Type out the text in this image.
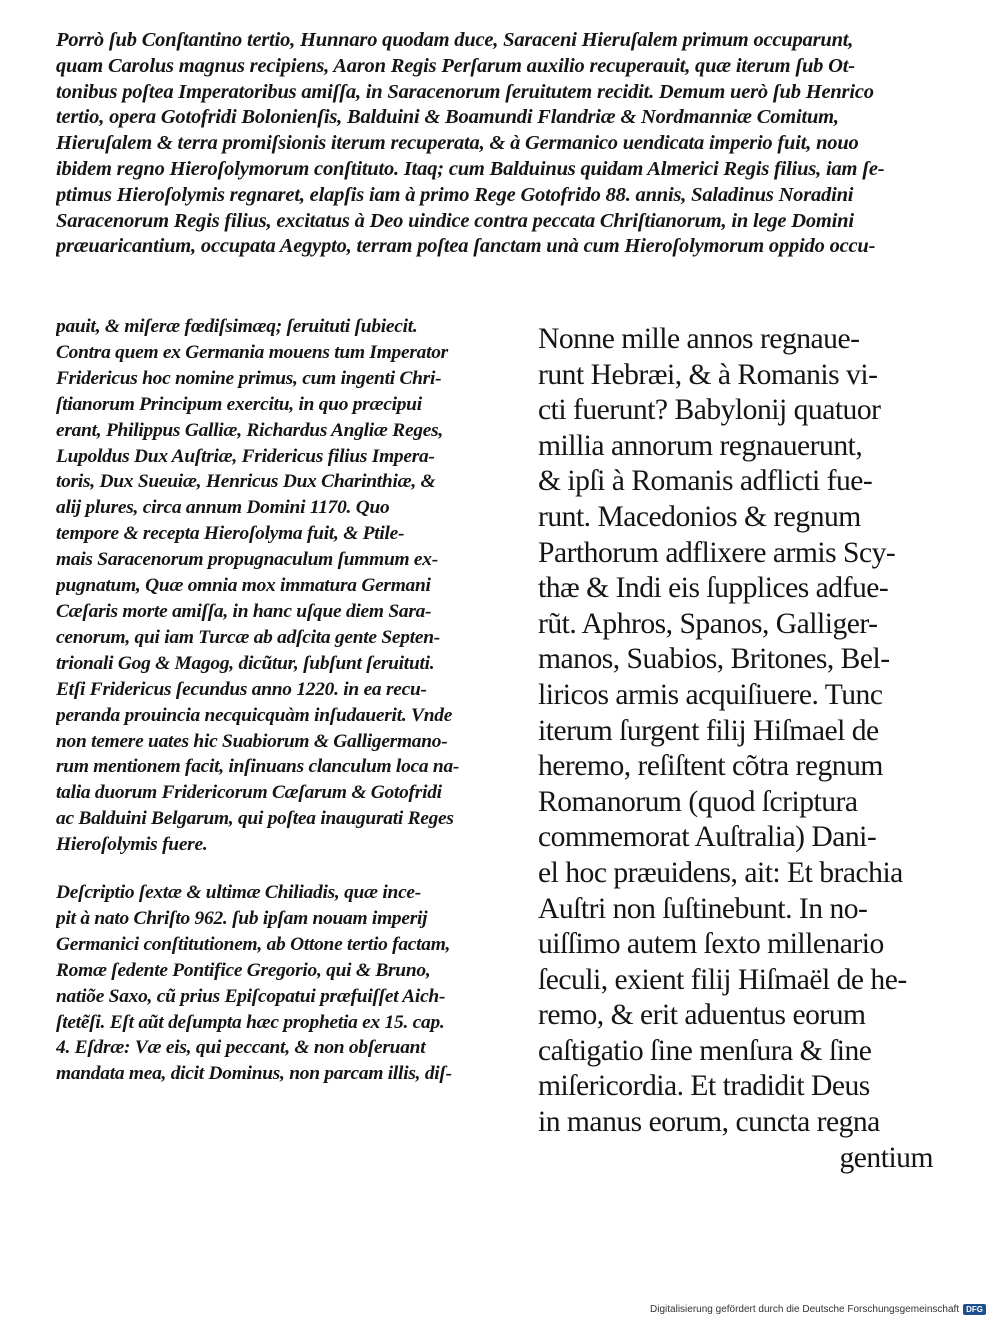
Porrò ſub Conſtantino tertio, Hunnaro quodam duce, Saraceni Hieruſalem primum occuparunt,
quam Carolus magnus recipiens, Aaron Regis Perſarum auxilio recuperauit, quæ iterum ſub Ot-
tonibus poſtea Imperatoribus amiſſa, in Saracenorum ſeruitutem recidit. Demum uerò ſub Henrico
tertio, opera Gotofridi Bolonienſis, Balduini & Boamundi Flandriæ & Nordmanniæ Comitum,
Hieruſalem & terra promiſsionis iterum recuperata, & à Germanico uendicata imperio fuit, nouo
ibidem regno Hieroſolymorum conſtituto. Itaq; cum Balduinus quidam Almerici Regis filius, iam ſe-
ptimus Hieroſolymis regnaret, elapſis iam à primo Rege Gotofrido 88. annis, Saladinus Noradini
Saracenorum Regis filius, excitatus à Deo uindice contra peccata Chriſtianorum, in lege Domini
præuaricantium, occupata Aegypto, terram poſtea ſanctam unà cum Hieroſolymorum oppido occu-
pauit, & miſeræ fœdiſsimæq; ſeruituti ſubiecit.
Contra quem ex Germania mouens tum Imperator
Fridericus hoc nomine primus, cum ingenti Chri-
ſtianorum Principum exercitu, in quo præcipui
erant, Philippus Galliæ, Richardus Angliæ Reges,
Lupoldus Dux Auſtriæ, Fridericus filius Impera-
toris, Dux Sueuiæ, Henricus Dux Charinthiæ, &
alij plures, circa annum Domini 1170. Quo
tempore & recepta Hieroſolyma fuit, & Ptile-
mais Saracenorum propugnaculum ſummum ex-
pugnatum, Quæ omnia mox immatura Germani
Cæſaris morte amiſſa, in hanc uſque diem Sara-
cenorum, qui iam Turcæ ab adſcita gente Septen-
trionali Gog & Magog, dicũtur, ſubſunt ſeruituti.
Etſi Fridericus ſecundus anno 1220. in ea recu-
peranda prouincia necquicquàm inſudauerit. Vnde
non temere uates hic Suabiorum & Galligermano-
rum mentionem facit, inſinuans clanculum loca na-
talia duorum Fridericorum Cæſarum & Gotofridi
ac Balduini Belgarum, qui poſtea inaugurati Reges
Hieroſolymis fuere.
Deſcriptio ſextæ & ultimæ Chiliadis, quæ ince-
pit à nato Chriſto 962. ſub ipſam nouam imperij
Germanici conſtitutionem, ab Ottone tertio factam,
Romæ ſedente Pontifice Gregorio, qui & Bruno,
natiõe Saxo, cũ prius Epiſcopatui præfuiſſet Aich-
ſtetẽſi. Eſt aũt deſumpta hæc prophetia ex 15. cap.
4. Eſdræ: Væ eis, qui peccant, & non obſeruant
mandata mea, dicit Dominus, non parcam illis, diſ-
Nonne mille annos regnaue-
runt Hebræi, & à Romanis vi-
cti fuerunt? Babylonij quatuor
millia annorum regnauerunt,
& ipſi à Romanis adflicti fue-
runt. Macedonios & regnum
Parthorum adflixere armis Scy-
thæ & Indi eis ſupplices adfue-
rũt. Aphros, Spanos, Galliger-
manos, Suabios, Britones, Bel-
liricos armis acquiſiuere. Tunc
iterum ſurgent filij Hiſmael de
heremo, reſiſtent cõtra regnum
Romanorum (quod ſcriptura
commemorat Auſtralia) Dani-
el hoc præuidens, ait: Et brachia
Auſtri non ſuſtinebunt. In no-
uiſſimo autem ſexto millenario
ſeculi, exient filij Hiſmaël de he-
remo, & erit aduentus eorum
caſtigatio ſine menſura & ſine
miſericordia. Et tradidit Deus
in manus eorum, cuncta regna
gentium
Digitalisierung gefördert durch die Deutsche Forschungsgemeinschaft DFG
